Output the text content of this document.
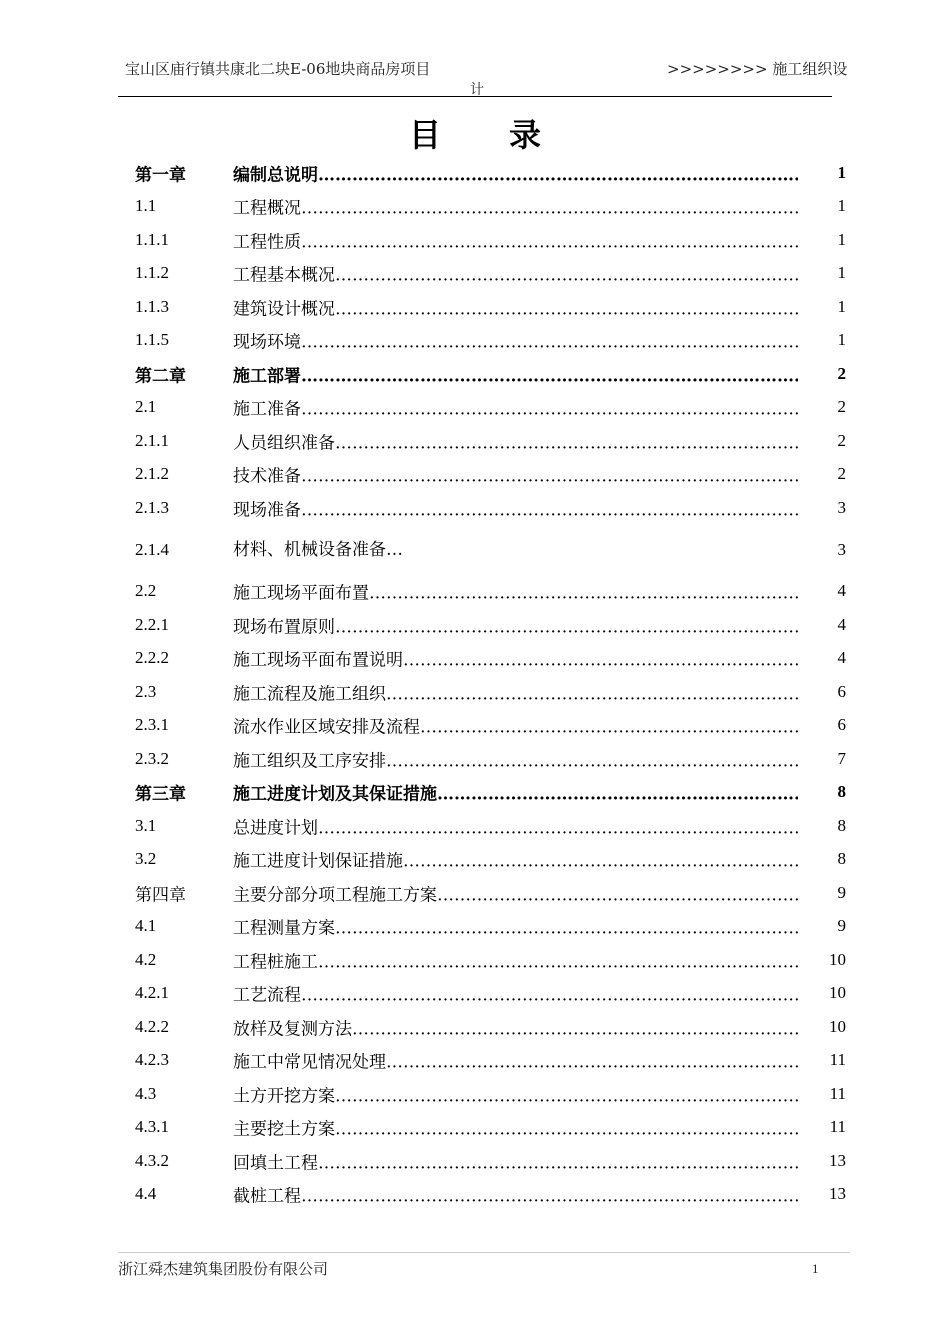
宝山区庙行镇共康北二块E-06地块商品房项目	>>>>>>>> 施工组织设
计
目录
第一章	编制总说明 ………………………………………………………………………………………………………………………………	1
1.1	工程概况 ………………………………………………………………………………………………………………………………	1
1.1.1	工程性质 ………………………………………………………………………………………………………………………………	1
1.1.2	工程基本概况 ………………………………………………………………………………………………………………………………	1
1.1.3	建筑设计概况 ………………………………………………………………………………………………………………………………	1
1.1.5	现场环境 ………………………………………………………………………………………………………………………………	1
第二章	施工部署 ………………………………………………………………………………………………………………………………	2
2.1	施工准备 ………………………………………………………………………………………………………………………………	2
2.1.1	人员组织准备 ………………………………………………………………………………………………………………………………	2
2.1.2	技术准备 ………………………………………………………………………………………………………………………………	2
2.1.3	现场准备 ………………………………………………………………………………………………………………………………	3
2.1.4	材料、机械设备准备 …	3
2.2	施工现场平面布置 ………………………………………………………………………………………………………………………………	4
2.2.1	现场布置原则 ………………………………………………………………………………………………………………………………	4
2.2.2	施工现场平面布置说明 ………………………………………………………………………………………………………………………………	4
2.3	施工流程及施工组织 ………………………………………………………………………………………………………………………………	6
2.3.1	流水作业区域安排及流程 ………………………………………………………………………………………………………………………………	6
2.3.2	施工组织及工序安排 ………………………………………………………………………………………………………………………………	7
第三章	施工进度计划及其保证措施 ………………………………………………………………………………………………………………………………	8
3.1	总进度计划 ………………………………………………………………………………………………………………………………	8
3.2	施工进度计划保证措施 ………………………………………………………………………………………………………………………………	8
第四章	主要分部分项工程施工方案 ………………………………………………………………………………………………………………………………	9
4.1	工程测量方案 ………………………………………………………………………………………………………………………………	9
4.2	工程桩施工 ………………………………………………………………………………………………………………………………	10
4.2.1	工艺流程 ………………………………………………………………………………………………………………………………	10
4.2.2	放样及复测方法 ………………………………………………………………………………………………………………………………	10
4.2.3	施工中常见情况处理 ………………………………………………………………………………………………………………………………	11
4.3	土方开挖方案 ………………………………………………………………………………………………………………………………	11
4.3.1	主要挖土方案 ………………………………………………………………………………………………………………………………	11
4.3.2	回填土工程 ………………………………………………………………………………………………………………………………	13
4.4	截桩工程 ………………………………………………………………………………………………………………………………	13
浙江舜杰建筑集团股份有限公司	1
